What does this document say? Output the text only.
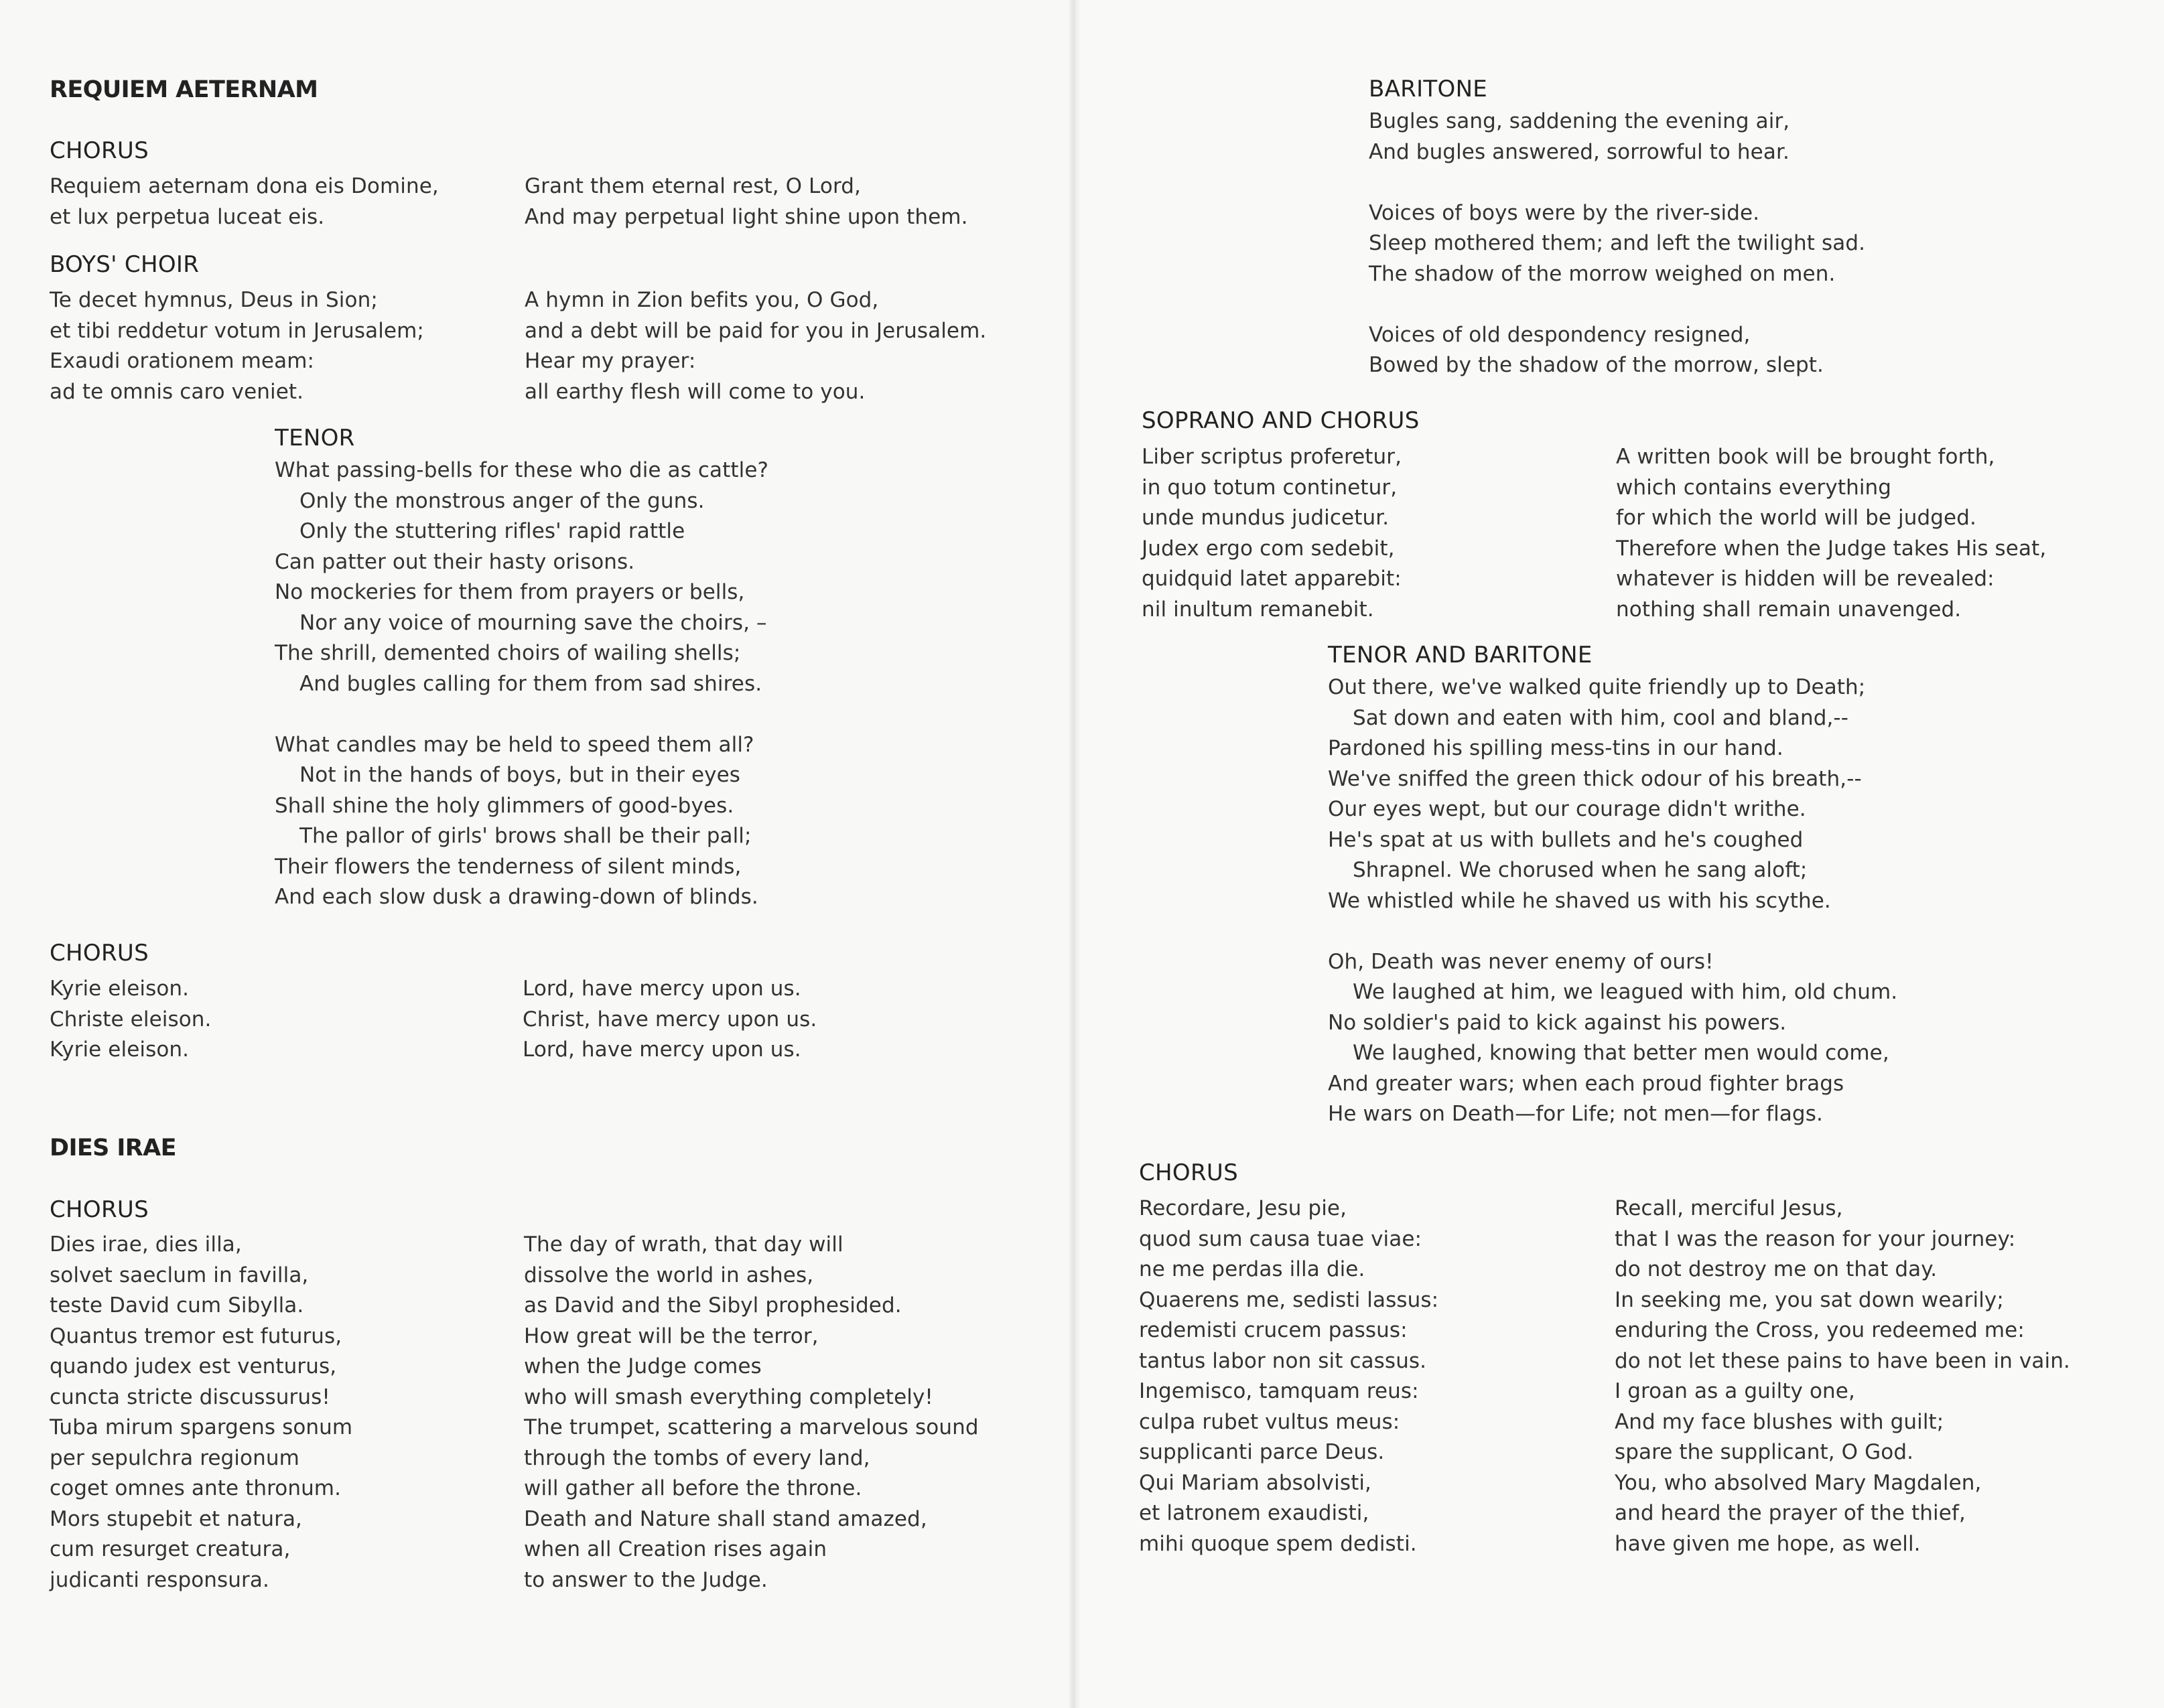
REQUIEM AETERNAM
CHORUS
Requiem aeternam dona eis Domine,
et lux perpetua luceat eis.
Grant them eternal rest, O Lord,
And may perpetual light shine upon them.
BOYS' CHOIR
Te decet hymnus, Deus in Sion;
et tibi reddetur votum in Jerusalem;
Exaudi orationem meam:
ad te omnis caro veniet.
A hymn in Zion befits you, O God,
and a debt will be paid for you in Jerusalem.
Hear my prayer:
all earthy flesh will come to you.
TENOR
What passing-bells for these who die as cattle?
Only the monstrous anger of the guns.
Only the stuttering rifles' rapid rattle
Can patter out their hasty orisons.
No mockeries for them from prayers or bells,
Nor any voice of mourning save the choirs, –
The shrill, demented choirs of wailing shells;
And bugles calling for them from sad shires.
What candles may be held to speed them all?
Not in the hands of boys, but in their eyes
Shall shine the holy glimmers of good-byes.
The pallor of girls' brows shall be their pall;
Their flowers the tenderness of silent minds,
And each slow dusk a drawing-down of blinds.
CHORUS
Kyrie eleison.
Christe eleison.
Kyrie eleison.
Lord, have mercy upon us.
Christ, have mercy upon us.
Lord, have mercy upon us.
DIES IRAE
CHORUS
Dies irae, dies illa,
solvet saeclum in favilla,
teste David cum Sibylla.
Quantus tremor est futurus,
quando judex est venturus,
cuncta stricte discussurus!
Tuba mirum spargens sonum
per sepulchra regionum
coget omnes ante thronum.
Mors stupebit et natura,
cum resurget creatura,
judicanti responsura.
The day of wrath, that day will
dissolve the world in ashes,
as David and the Sibyl prophesided.
How great will be the terror,
when the Judge comes
who will smash everything completely!
The trumpet, scattering a marvelous sound
through the tombs of every land,
will gather all before the throne.
Death and Nature shall stand amazed,
when all Creation rises again
to answer to the Judge.
BARITONE
Bugles sang, saddening the evening air,
And bugles answered, sorrowful to hear.
Voices of boys were by the river-side.
Sleep mothered them; and left the twilight sad.
The shadow of the morrow weighed on men.
Voices of old despondency resigned,
Bowed by the shadow of the morrow, slept.
SOPRANO AND CHORUS
Liber scriptus proferetur,
in quo totum continetur,
unde mundus judicetur.
Judex ergo com sedebit,
quidquid latet apparebit:
nil inultum remanebit.
A written book will be brought forth,
which contains everything
for which the world will be judged.
Therefore when the Judge takes His seat,
whatever is hidden will be revealed:
nothing shall remain unavenged.
TENOR AND BARITONE
Out there, we've walked quite friendly up to Death;
Sat down and eaten with him, cool and bland,--
Pardoned his spilling mess-tins in our hand.
We've sniffed the green thick odour of his breath,--
Our eyes wept, but our courage didn't writhe.
He's spat at us with bullets and he's coughed
Shrapnel. We chorused when he sang aloft;
We whistled while he shaved us with his scythe.
Oh, Death was never enemy of ours!
We laughed at him, we leagued with him, old chum.
No soldier's paid to kick against his powers.
We laughed, knowing that better men would come,
And greater wars; when each proud fighter brags
He wars on Death—for Life; not men—for flags.
CHORUS
Recordare, Jesu pie,
quod sum causa tuae viae:
ne me perdas illa die.
Quaerens me, sedisti lassus:
redemisti crucem passus:
tantus labor non sit cassus.
Ingemisco, tamquam reus:
culpa rubet vultus meus:
supplicanti parce Deus.
Qui Mariam absolvisti,
et latronem exaudisti,
mihi quoque spem dedisti.
Recall, merciful Jesus,
that I was the reason for your journey:
do not destroy me on that day.
In seeking me, you sat down wearily;
enduring the Cross, you redeemed me:
do not let these pains to have been in vain.
I groan as a guilty one,
And my face blushes with guilt;
spare the supplicant, O God.
You, who absolved Mary Magdalen,
and heard the prayer of the thief,
have given me hope, as well.
